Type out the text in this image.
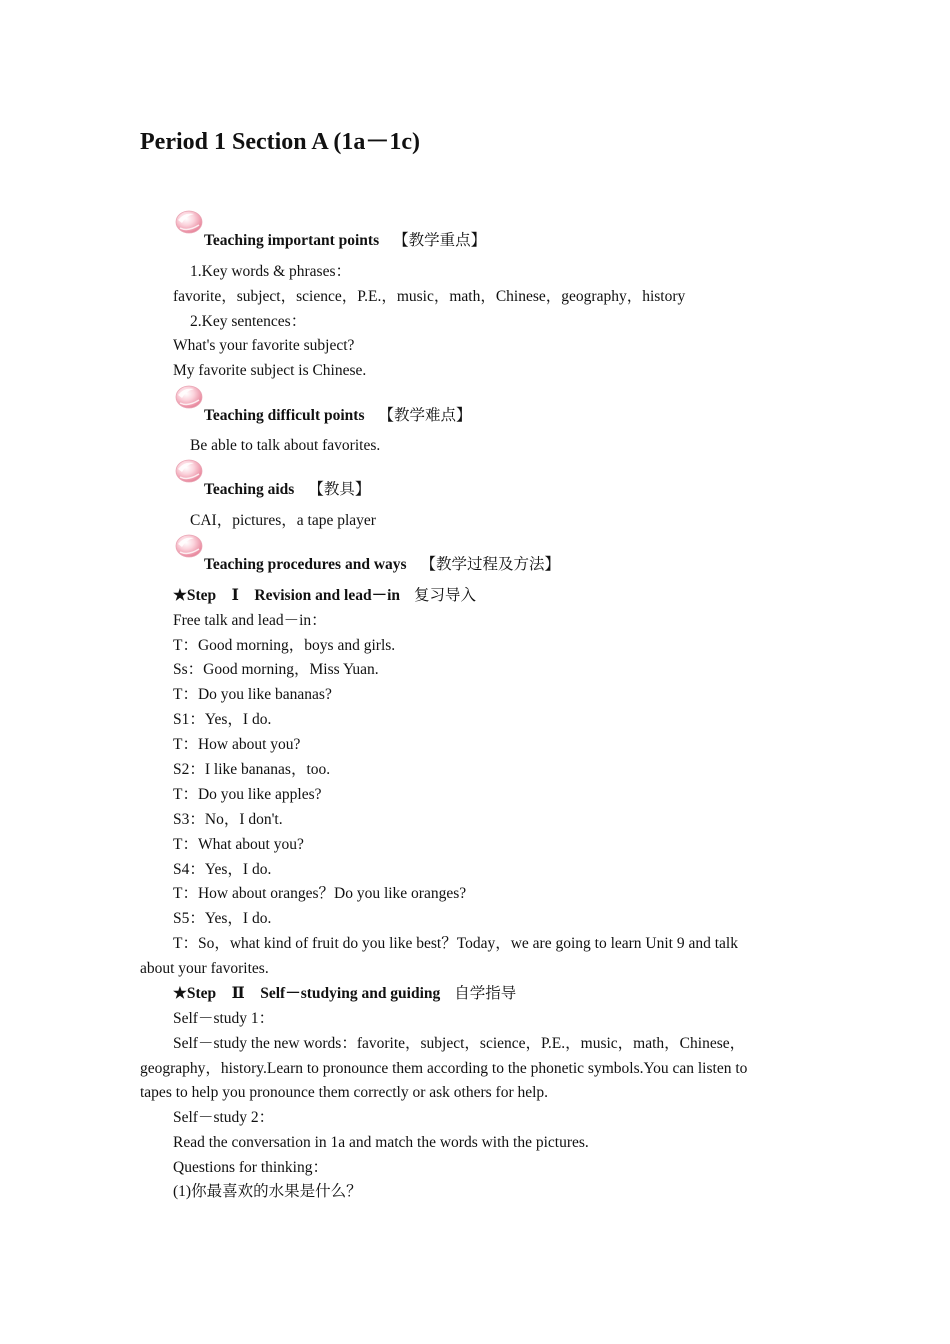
Period 1 Section A (1a－1c)
Teaching important points 【教学重点】
1.Key words & phrases：
favorite，subject，science，P.E.，music，math，Chinese，geography，history
2.Key sentences：
What's your favorite subject?
My favorite subject is Chinese.
Teaching difficult points 【教学难点】
Be able to talk about favorites.
Teaching aids 【教具】
CAI，pictures，a tape player
Teaching procedures and ways 【教学过程及方法】
★Step　Ⅰ　Revision and lead－in 复习导入
Free talk and lead－in：
T：Good morning，boys and girls.
Ss：Good morning，Miss Yuan.
T：Do you like bananas?
S1：Yes，I do.
T：How about you?
S2：I like bananas，too.
T：Do you like apples?
S3：No，I don't.
T：What about you?
S4：Yes，I do.
T：How about oranges？Do you like oranges?
S5：Yes，I do.
T：So，what kind of fruit do you like best？Today，we are going to learn Unit 9 and talk
about your favorites.
★Step　Ⅱ　Self－studying and guiding 自学指导
Self－study 1：
Self－study the new words：favorite，subject，science，P.E.，music，math，Chinese，
geography，history.Learn to pronounce them according to the phonetic symbols.You can listen to
tapes to help you pronounce them correctly or ask others for help.
Self－study 2：
Read the conversation in 1a and match the words with the pictures.
Questions for thinking：
(1)你最喜欢的水果是什么？
